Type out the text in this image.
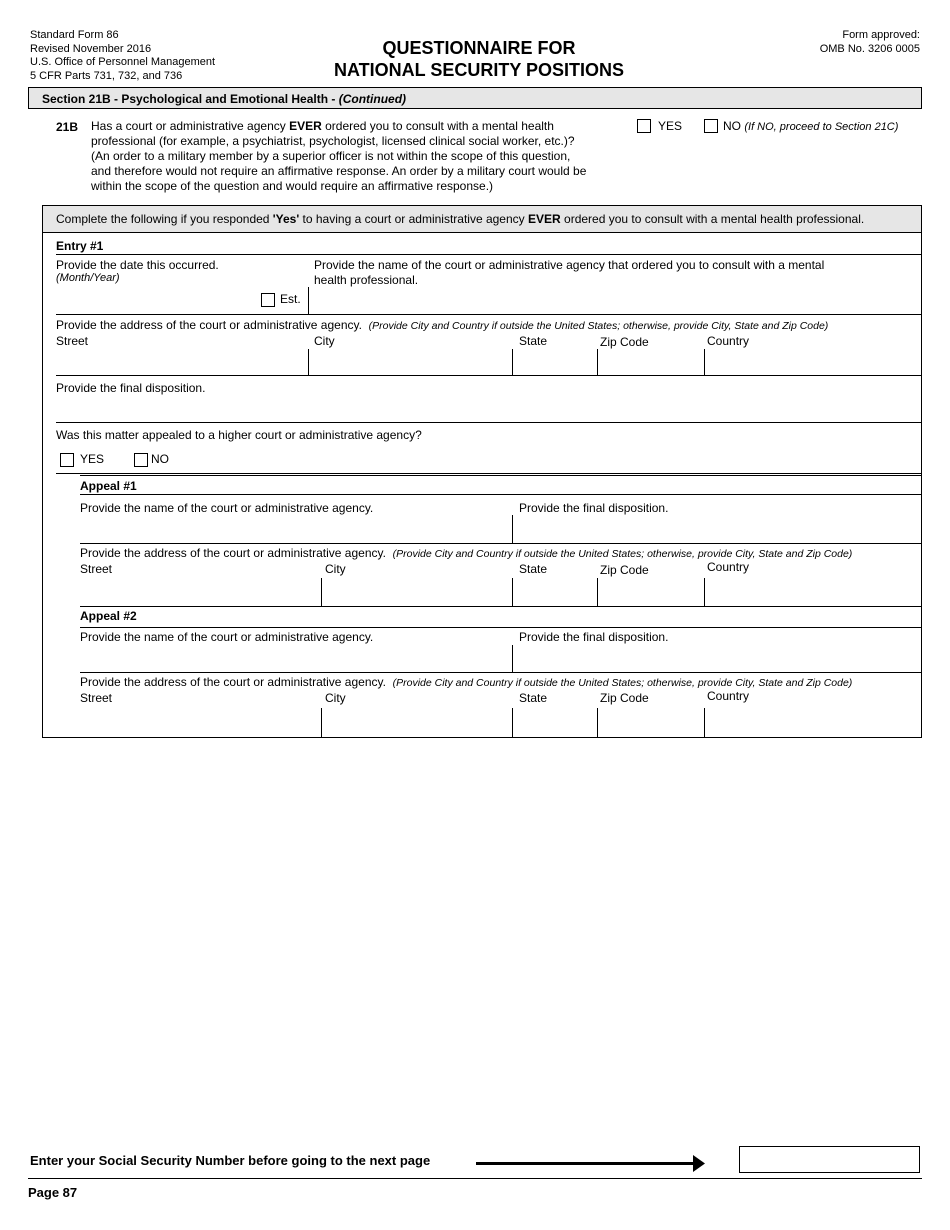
Standard Form 86
Revised November 2016
U.S. Office of Personnel Management
5 CFR Parts 731, 732, and 736
QUESTIONNAIRE FOR
NATIONAL SECURITY POSITIONS
Form approved:
OMB No. 3206 0005
Section 21B - Psychological and Emotional Health - (Continued)
21B Has a court or administrative agency EVER ordered you to consult with a mental health
professional (for example, a psychiatrist, psychologist, licensed clinical social worker, etc.)?
(An order to a military member by a superior officer is not within the scope of this question,
and therefore would not require an affirmative response. An order by a military court would be
within the scope of the question and would require an affirmative response.)
YES	NO (If NO, proceed to Section 21C)
Complete the following if you responded 'Yes' to having a court or administrative agency EVER ordered you to consult with a mental health professional.
Entry #1
Provide the date this occurred.
(Month/Year)
Est.
Provide the name of the court or administrative agency that ordered you to consult with a mental
health professional.
Provide the address of the court or administrative agency. (Provide City and Country if outside the United States; otherwise, provide City, State and Zip Code)
Street	City	State	Zip Code	Country
Provide the final disposition.
Was this matter appealed to a higher court or administrative agency?
YES	NO
Appeal #1
Provide the name of the court or administrative agency.	Provide the final disposition.
Provide the address of the court or administrative agency. (Provide City and Country if outside the United States; otherwise, provide City, State and Zip Code)
Street	City	State	Zip Code	Country
Appeal #2
Provide the name of the court or administrative agency.	Provide the final disposition.
Provide the address of the court or administrative agency. (Provide City and Country if outside the United States; otherwise, provide City, State and Zip Code)
Street	City	State	Zip Code	Country
Enter your Social Security Number before going to the next page
Page 87
